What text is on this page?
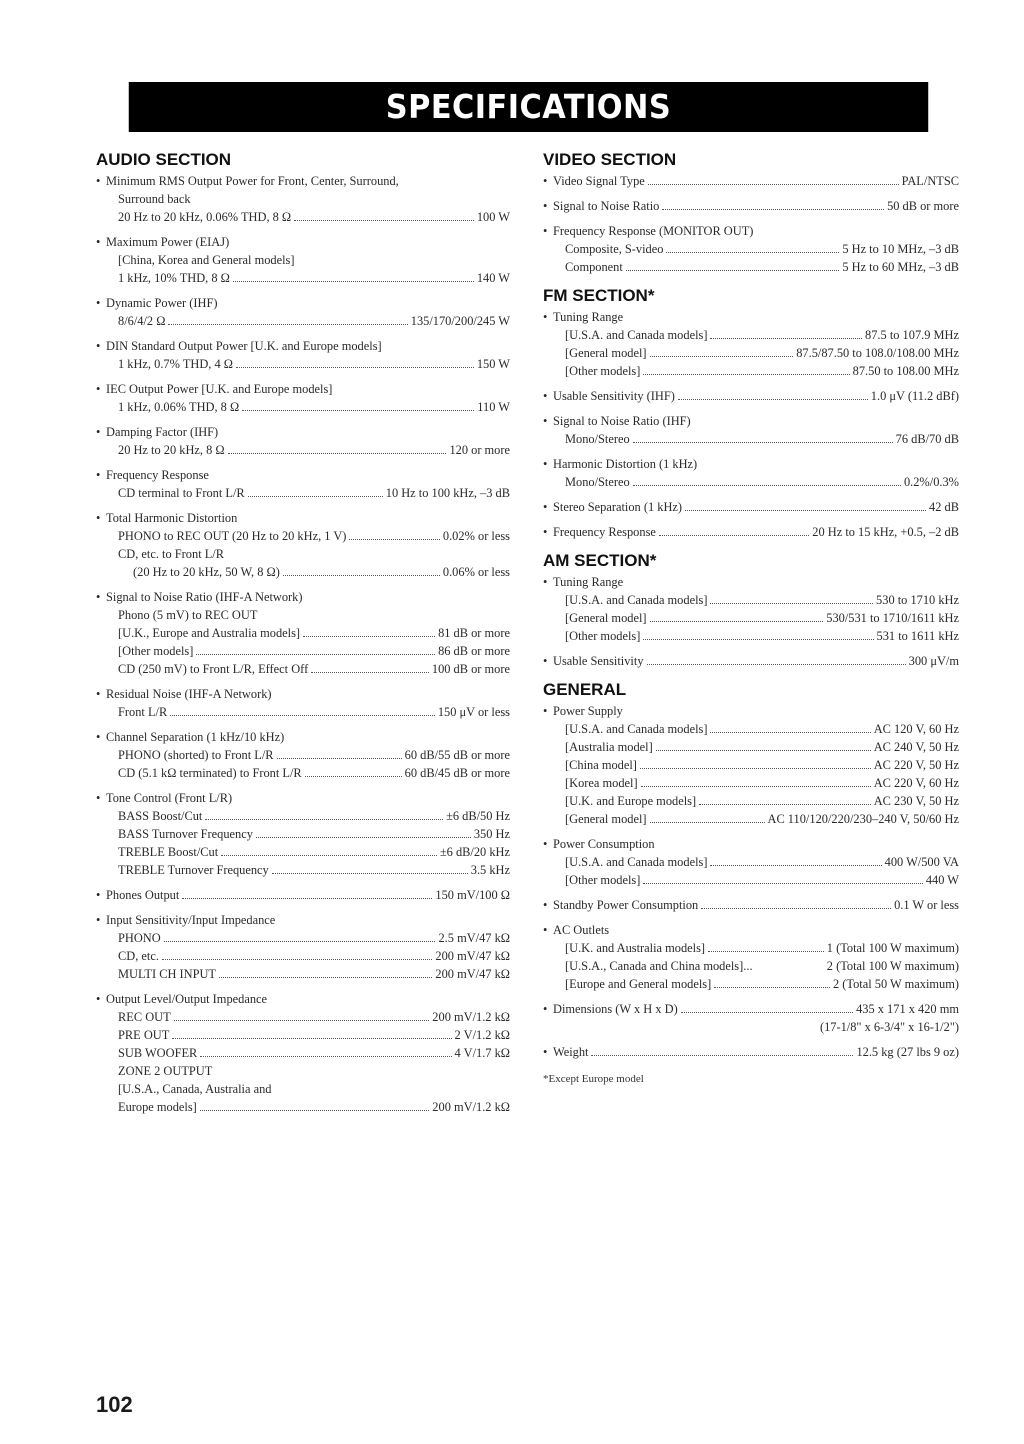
SPECIFICATIONS
AUDIO SECTION
• Minimum RMS Output Power for Front, Center, Surround,
Surround back
20 Hz to 20 kHz, 0.06% THD, 8 Ω	100 W
• Maximum Power (EIAJ)
[China, Korea and General models]
1 kHz, 10% THD, 8 Ω	140 W
• Dynamic Power (IHF)
8/6/4/2 Ω	135/170/200/245 W
• DIN Standard Output Power [U.K. and Europe models]
1 kHz, 0.7% THD, 4 Ω	150 W
• IEC Output Power [U.K. and Europe models]
1 kHz, 0.06% THD, 8 Ω	110 W
• Damping Factor (IHF)
20 Hz to 20 kHz, 8 Ω	120 or more
• Frequency Response
CD terminal to Front L/R	10 Hz to 100 kHz, –3 dB
• Total Harmonic Distortion
PHONO to REC OUT (20 Hz to 20 kHz, 1 V)	0.02% or less
CD, etc. to Front L/R
(20 Hz to 20 kHz, 50 W, 8 Ω)	0.06% or less
• Signal to Noise Ratio (IHF-A Network)
Phono (5 mV) to REC OUT
[U.K., Europe and Australia models]	81 dB or more
[Other models]	86 dB or more
CD (250 mV) to Front L/R, Effect Off	100 dB or more
• Residual Noise (IHF-A Network)
Front L/R	150 μV or less
• Channel Separation (1 kHz/10 kHz)
PHONO (shorted) to Front L/R	60 dB/55 dB or more
CD (5.1 kΩ terminated) to Front L/R	60 dB/45 dB or more
• Tone Control (Front L/R)
BASS Boost/Cut	±6 dB/50 Hz
BASS Turnover Frequency	350 Hz
TREBLE Boost/Cut	±6 dB/20 kHz
TREBLE Turnover Frequency	3.5 kHz
• Phones Output	150 mV/100 Ω
• Input Sensitivity/Input Impedance
PHONO	2.5 mV/47 kΩ
CD, etc.	200 mV/47 kΩ
MULTI CH INPUT	200 mV/47 kΩ
• Output Level/Output Impedance
REC OUT	200 mV/1.2 kΩ
PRE OUT	2 V/1.2 kΩ
SUB WOOFER	4 V/1.7 kΩ
ZONE 2 OUTPUT
[U.S.A., Canada, Australia and
Europe models]	200 mV/1.2 kΩ
VIDEO SECTION
• Video Signal Type	PAL/NTSC
• Signal to Noise Ratio	50 dB or more
• Frequency Response (MONITOR OUT)
Composite, S-video	5 Hz to 10 MHz, –3 dB
Component	5 Hz to 60 MHz, –3 dB
FM SECTION*
• Tuning Range
[U.S.A. and Canada models]	87.5 to 107.9 MHz
[General model]	87.5/87.50 to 108.0/108.00 MHz
[Other models]	87.50 to 108.00 MHz
• Usable Sensitivity (IHF)	1.0 μV (11.2 dBf)
• Signal to Noise Ratio (IHF)
Mono/Stereo	76 dB/70 dB
• Harmonic Distortion (1 kHz)
Mono/Stereo	0.2%/0.3%
• Stereo Separation (1 kHz)	42 dB
• Frequency Response	20 Hz to 15 kHz, +0.5, –2 dB
AM SECTION*
• Tuning Range
[U.S.A. and Canada models]	530 to 1710 kHz
[General model]	530/531 to 1710/1611 kHz
[Other models]	531 to 1611 kHz
• Usable Sensitivity	300 μV/m
GENERAL
• Power Supply
[U.S.A. and Canada models]	AC 120 V, 60 Hz
[Australia model]	AC 240 V, 50 Hz
[China model]	AC 220 V, 50 Hz
[Korea model]	AC 220 V, 60 Hz
[U.K. and Europe models]	AC 230 V, 50 Hz
[General model]	AC 110/120/220/230–240 V, 50/60 Hz
• Power Consumption
[U.S.A. and Canada models]	400 W/500 VA
[Other models]	440 W
• Standby Power Consumption	0.1 W or less
• AC Outlets
[U.K. and Australia models]	1 (Total 100 W maximum)
[U.S.A., Canada and China models]...	2 (Total 100 W maximum)
[Europe and General models]	2 (Total 50 W maximum)
• Dimensions (W x H x D)	435 x 171 x 420 mm
(17-1/8" x 6-3/4" x 16-1/2")
• Weight	12.5 kg (27 lbs 9 oz)
*Except Europe model
102
